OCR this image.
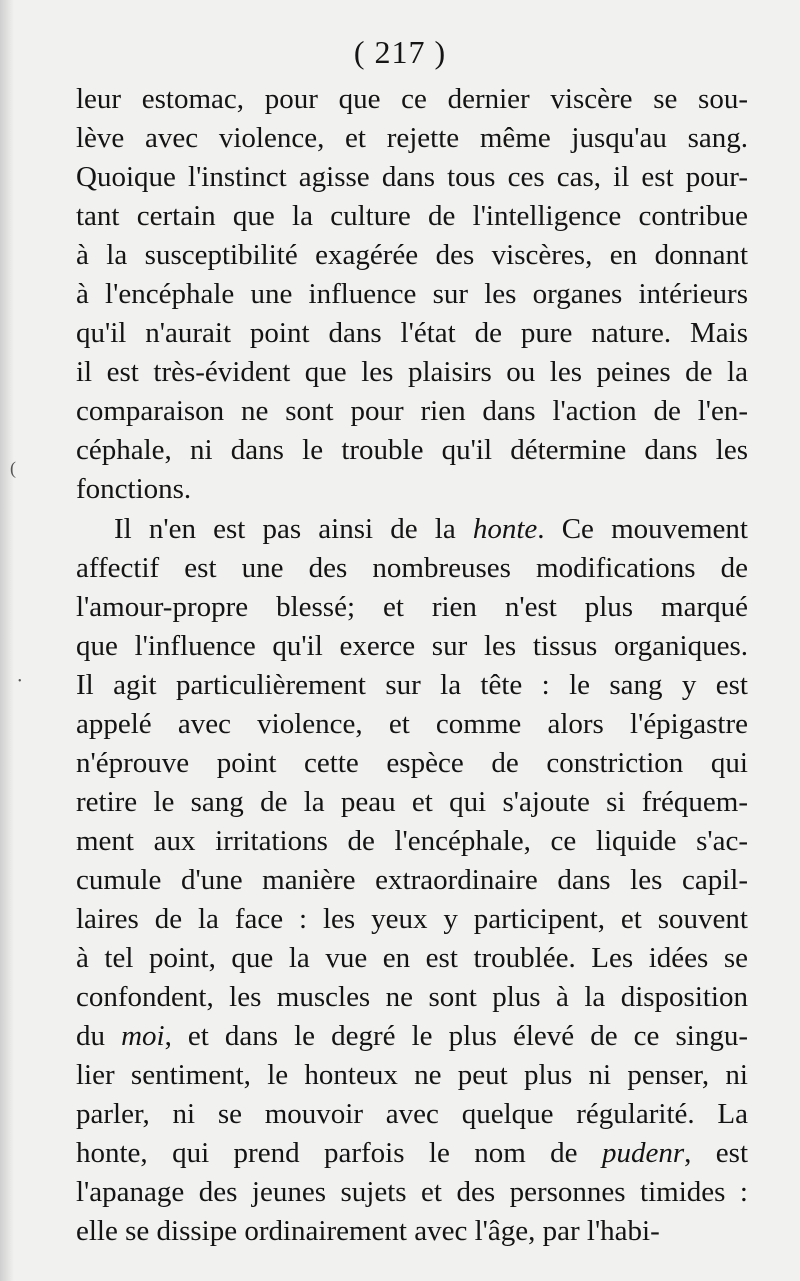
( 217 )
leur estomac, pour que ce dernier viscère se sou-
lève avec violence, et rejette même jusqu'au sang.
Quoique l'instinct agisse dans tous ces cas, il est pour-
tant certain que la culture de l'intelligence contribue
à la susceptibilité exagérée des viscères, en donnant
à l'encéphale une influence sur les organes intérieurs
qu'il n'aurait point dans l'état de pure nature. Mais
il est très-évident que les plaisirs ou les peines de la
comparaison ne sont pour rien dans l'action de l'en-
céphale, ni dans le trouble qu'il détermine dans les
fonctions.
Il n'en est pas ainsi de la honte. Ce mouvement
affectif est une des nombreuses modifications de
l'amour-propre blessé; et rien n'est plus marqué
que l'influence qu'il exerce sur les tissus organiques.
Il agit particulièrement sur la tête : le sang y est
appelé avec violence, et comme alors l'épigastre
n'éprouve point cette espèce de constriction qui
retire le sang de la peau et qui s'ajoute si fréquem-
ment aux irritations de l'encéphale, ce liquide s'ac-
cumule d'une manière extraordinaire dans les capil-
laires de la face : les yeux y participent, et souvent
à tel point, que la vue en est troublée. Les idées se
confondent, les muscles ne sont plus à la disposition
du moi, et dans le degré le plus élevé de ce singu-
lier sentiment, le honteux ne peut plus ni penser, ni
parler, ni se mouvoir avec quelque régularité. La
honte, qui prend parfois le nom de pudenr, est
l'apanage des jeunes sujets et des personnes timides :
elle se dissipe ordinairement avec l'âge, par l'habi-
(
•
